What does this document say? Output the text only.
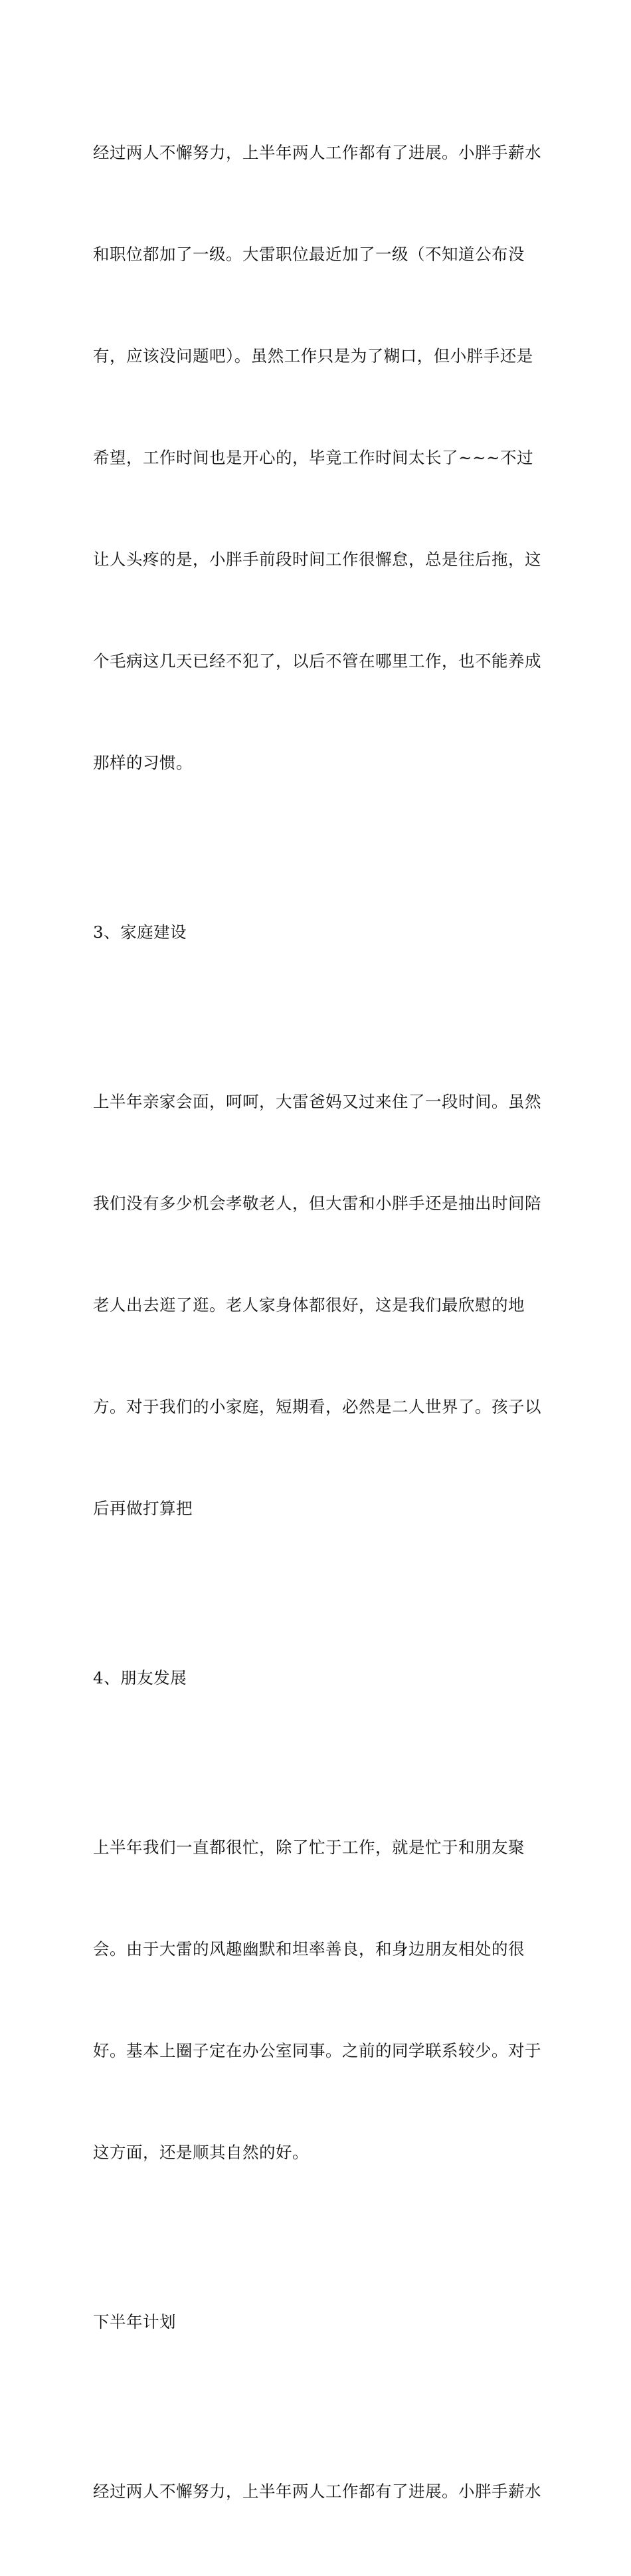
经过两人不懈努力，上半年两人工作都有了进展。小胖手薪水

和职位都加了一级。大雷职位最近加了一级（不知道公布没

有，应该没问题吧）。虽然工作只是为了糊口，但小胖手还是

希望，工作时间也是开心的，毕竟工作时间太长了~~~不过

让人头疼的是，小胖手前段时间工作很懈怠，总是往后拖，这

个毛病这几天已经不犯了，以后不管在哪里工作，也不能养成

那样的习惯。

3、家庭建设

上半年亲家会面，呵呵，大雷爸妈又过来住了一段时间。虽然

我们没有多少机会孝敬老人，但大雷和小胖手还是抽出时间陪

老人出去逛了逛。老人家身体都很好，这是我们最欣慰的地

方。对于我们的小家庭，短期看，必然是二人世界了。孩子以

后再做打算把

4、朋友发展

上半年我们一直都很忙，除了忙于工作，就是忙于和朋友聚

会。由于大雷的风趣幽默和坦率善良，和身边朋友相处的很

好。基本上圈子定在办公室同事。之前的同学联系较少。对于

这方面，还是顺其自然的好。

下半年计划

经过两人不懈努力，上半年两人工作都有了进展。小胖手薪水
